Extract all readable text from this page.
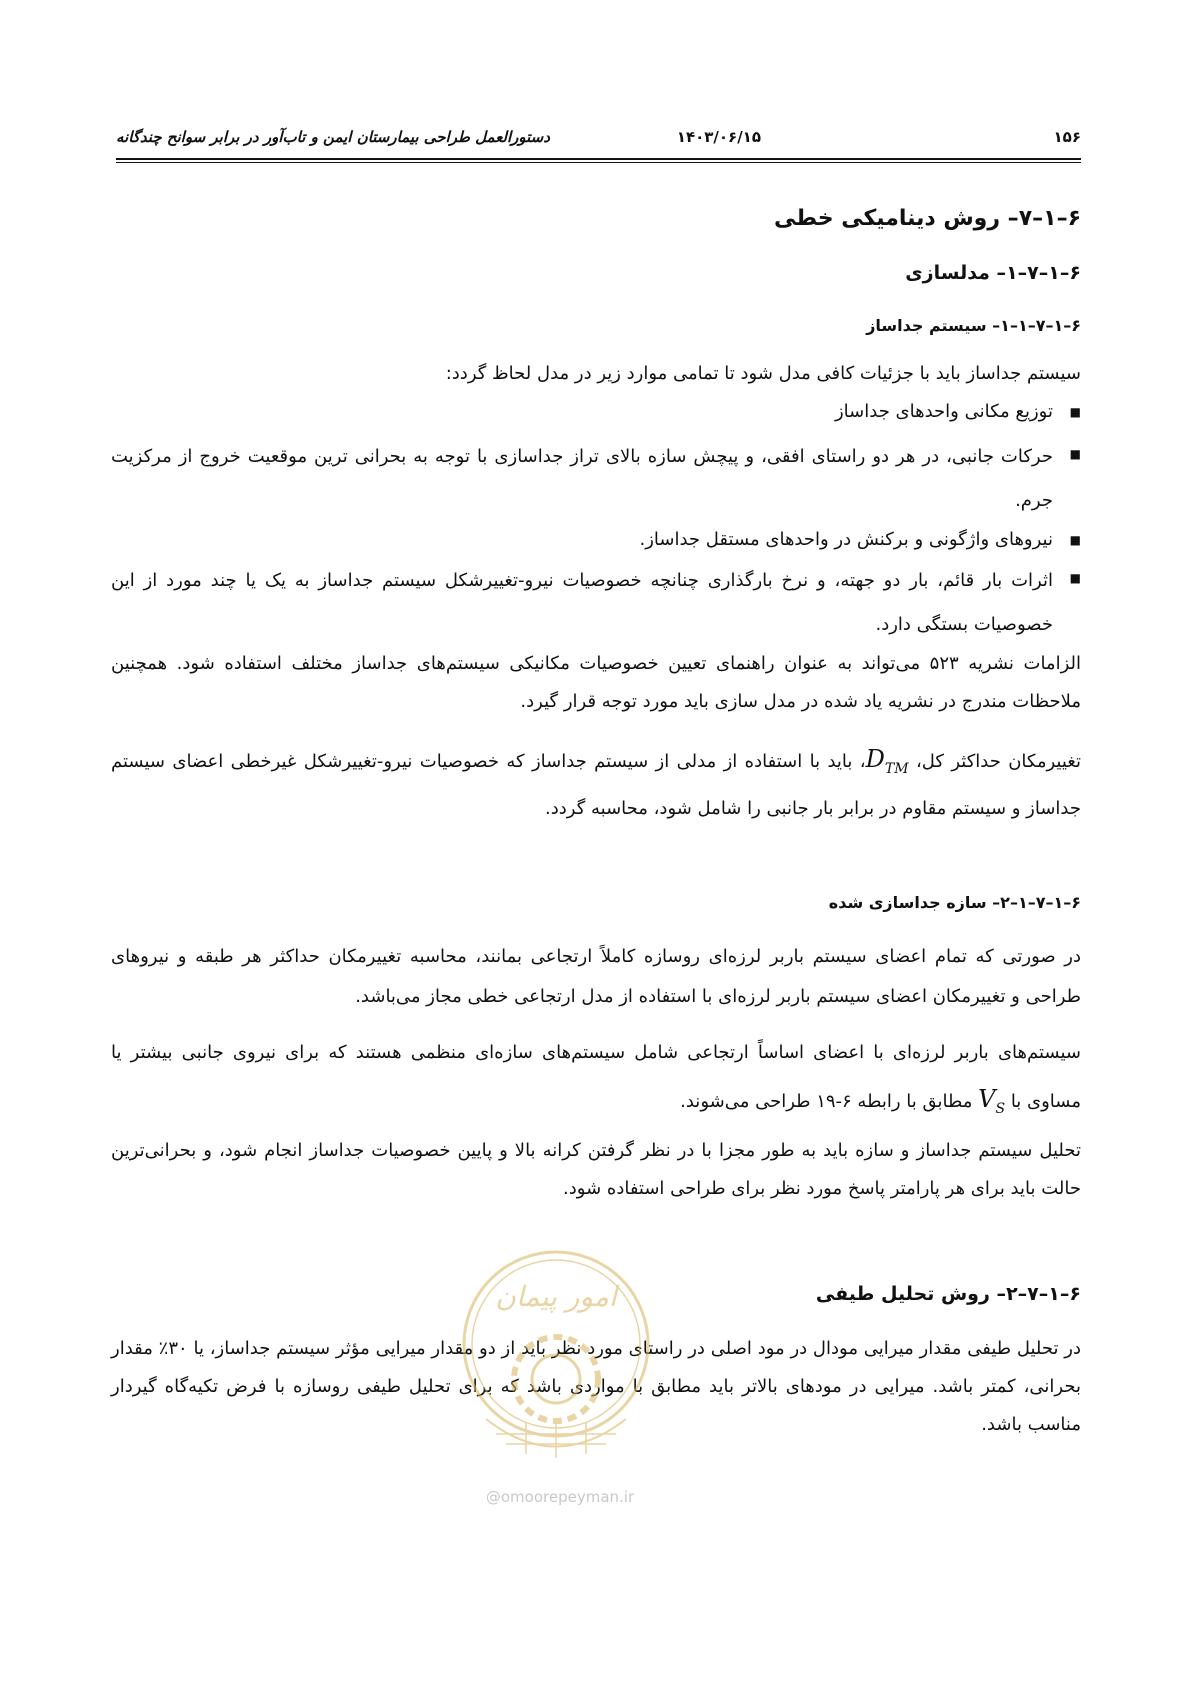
۱۵۶
۱۴۰۳/۰۶/۱۵
دستورالعمل طراحی بیمارستان ایمن و تاب‌آور در برابر سوانح چندگانه
۶–۱–۷– روش دینامیکی خطی
۶–۱–۷–۱– مدلسازی
۶–۱–۷–۱–۱– سیستم جداساز
سیستم جداساز باید با جزئیات کافی مدل شود تا تمامی موارد زیر در مدل لحاظ گردد:
■
توزیع مکانی واحدهای جداساز
■
حرکات جانبی، در هر دو راستای افقی، و پیچش سازه بالای تراز جداسازی با توجه به بحرانی ترین موقعیت خروج از مرکزیت جرم.
■
نیروهای واژگونی و برکنش در واحدهای مستقل جداساز.
■
اثرات بار قائم، بار دو جهته، و نرخ بارگذاری چنانچه خصوصیات نیرو-تغییرشکل سیستم جداساز به یک یا چند مورد از این خصوصیات بستگی دارد.
الزامات نشریه ۵۲۳ می‌تواند به عنوان راهنمای تعیین خصوصیات مکانیکی سیستم‌های جداساز مختلف استفاده شود. همچنین ملاحظات مندرج در نشریه یاد شده در مدل سازی باید مورد توجه قرار گیرد.
تغییرمکان حداکثر کل، $D_{TM}،$ باید با استفاده از مدلی از سیستم جداساز که خصوصیات نیرو-تغییرشکل غیرخطی اعضای سیستم جداساز و سیستم مقاوم در برابر بار جانبی را شامل شود، محاسبه گردد.
۶–۱–۷–۱–۲– سازه جداسازی شده
در صورتی که تمام اعضای سیستم باربر لرزه‌ای روسازه کاملاً ارتجاعی بمانند، محاسبه تغییرمکان حداکثر هر طبقه و نیروهای طراحی و تغییرمکان اعضای سیستم باربر لرزه‌ای با استفاده از مدل ارتجاعی خطی مجاز می‌باشد.
سیستم‌های باربر لرزه‌ای با اعضای اساساً ارتجاعی شامل سیستم‌های سازه‌ای منظمی هستند که برای نیروی جانبی بیشتر یا مساوی با $V_S$ مطابق با رابطه ۶-۱۹ طراحی می‌شوند.
تحلیل سیستم جداساز و سازه باید به طور مجزا با در نظر گرفتن کرانه بالا و پایین خصوصیات جداساز انجام شود، و بحرانی‌ترین حالت باید برای هر پارامتر پاسخ مورد نظر برای طراحی استفاده شود.
۶–۱–۷–۲– روش تحلیل طیفی
در تحلیل طیفی مقدار میرایی مودال در مود اصلی در راستای مورد نظر باید از دو مقدار میرایی مؤثر سیستم جداساز، یا ۳۰٪ مقدار بحرانی، کمتر باشد. میرایی در مودهای بالاتر باید مطابق با مواردی باشد که برای تحلیل طیفی روسازه با فرض تکیه‌گاه گیردار مناسب باشد.
امور پیمان
@omoorepeyman.ir
